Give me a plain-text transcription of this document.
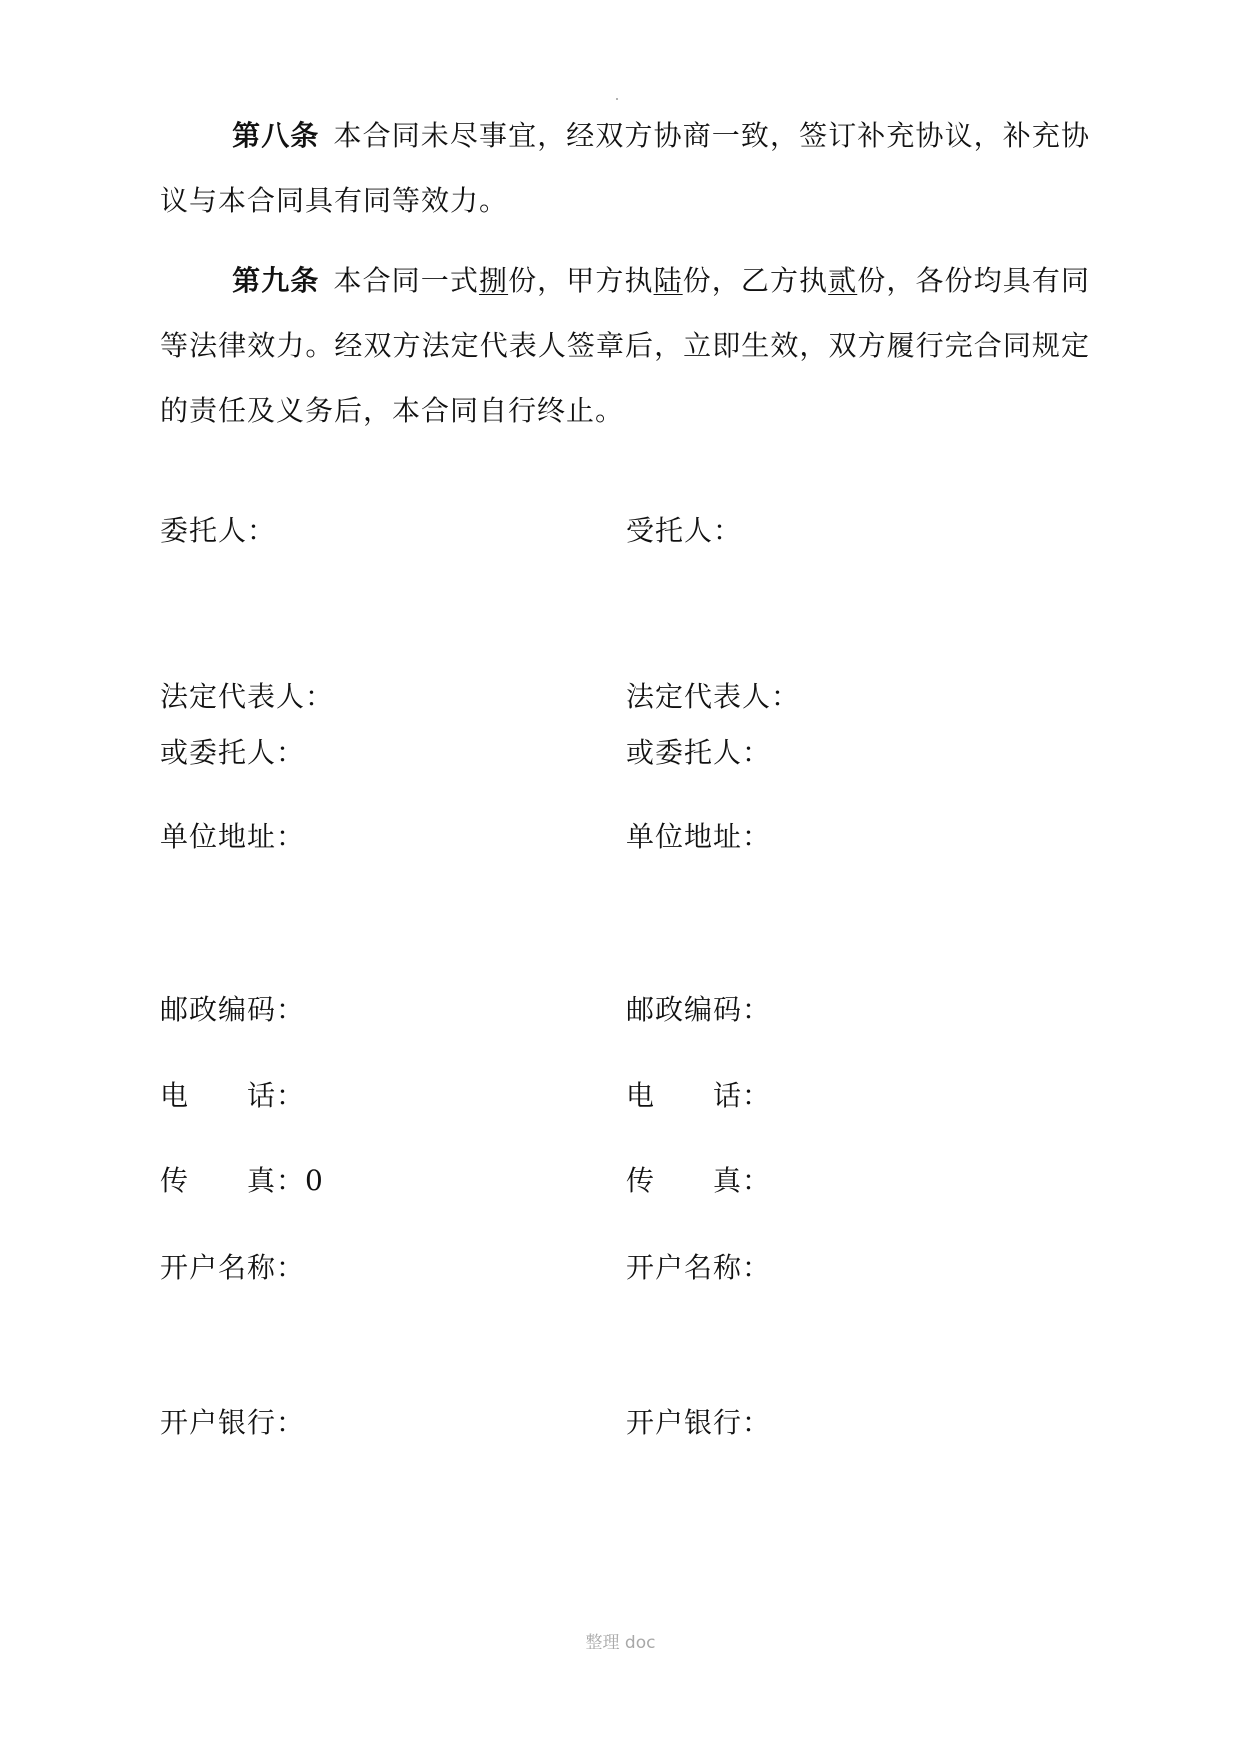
第八条 本合同未尽事宜，经双方协商一致，签订补充协议，补充协议与本合同具有同等效力。

第九条 本合同一式捌份，甲方执陆份，乙方执贰份，各份均具有同等法律效力。经双方法定代表人签章后，立即生效，双方履行完合同规定的责任及义务后，本合同自行终止。

委托人：
法定代表人：
或委托人：
单位地址：
邮政编码：
电　　话：
传　　真：0
开户名称：
开户银行：
受托人：
法定代表人：
或委托人：
单位地址：
邮政编码：
电　　话：
传　　真：
开户名称：
开户银行：
整理 doc
